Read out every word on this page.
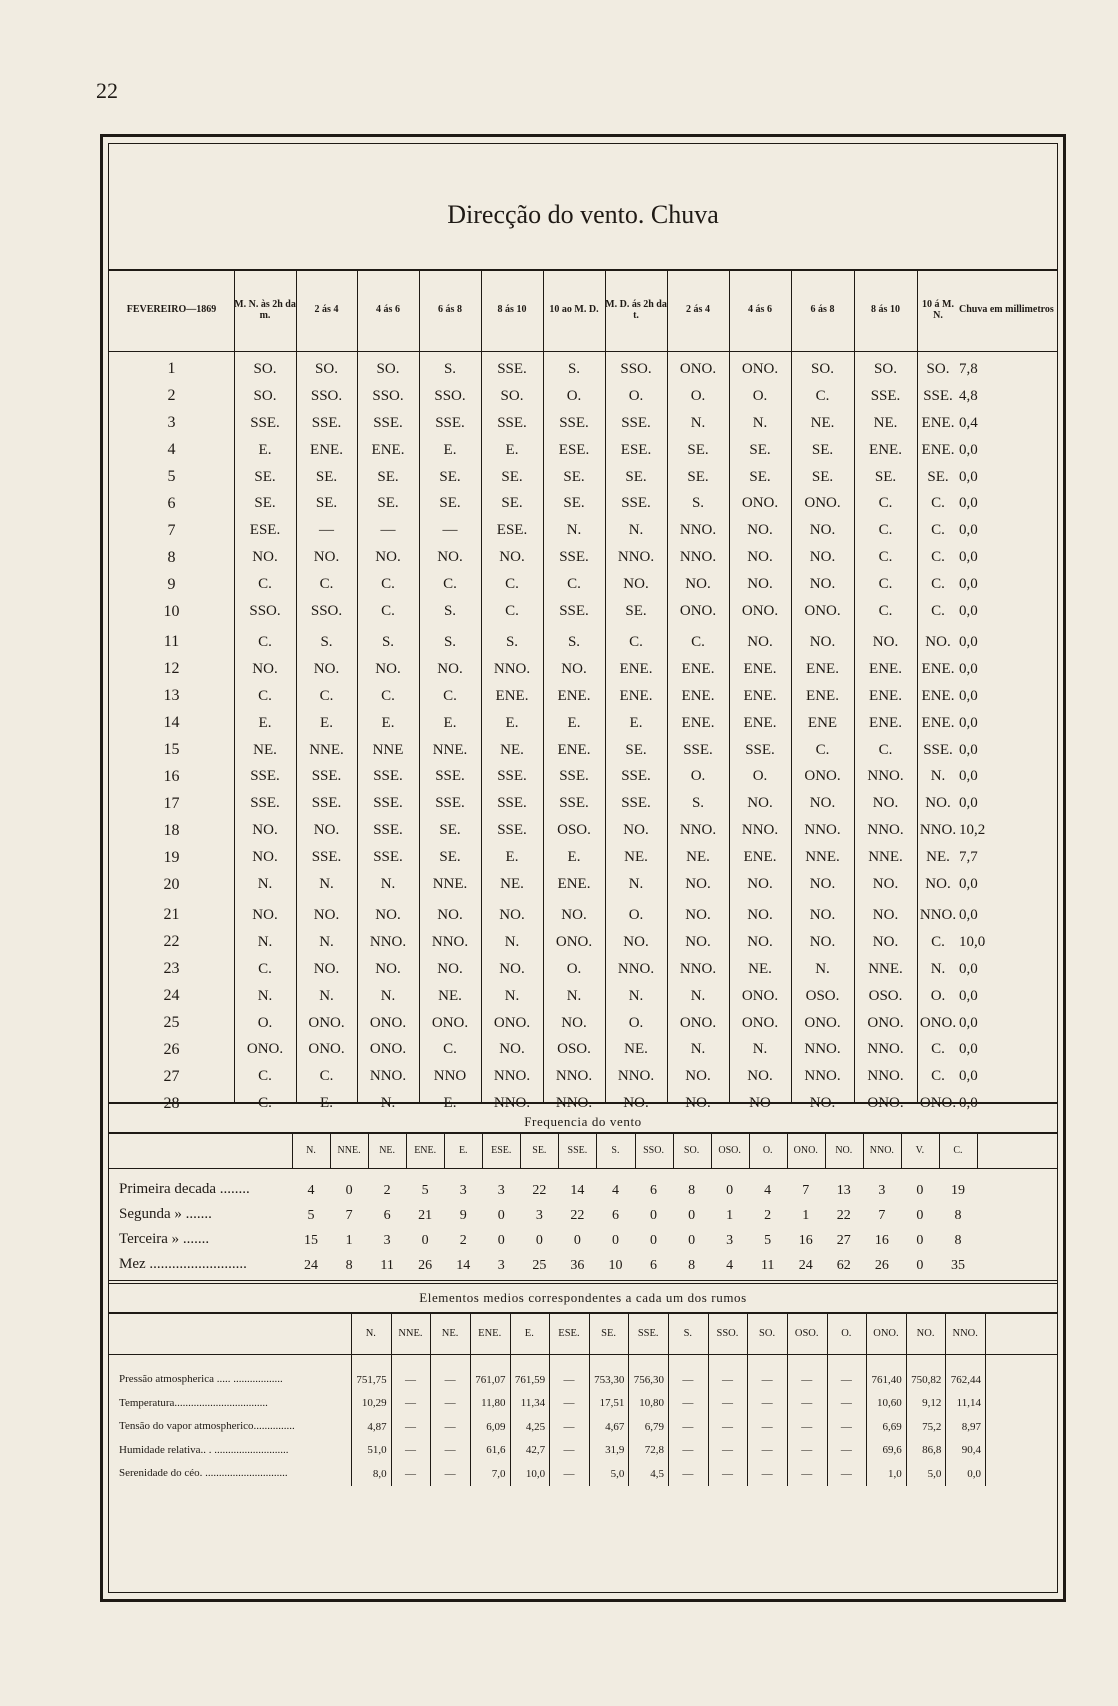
22
Direcção do vento. Chuva
FEVEREIRO — 1869
M. N. às 2h da m.
2 ás 4	4 ás 6	6 ás 8	8 ás 10	10 ao M. D.
M. D. ás 2h da t.
2 ás 4	4 ás 6	6 ás 8	8 ás 10
10 á M. N.
Chuva em millimetros
1	SO.	SO.	SO.	S.	SSE.	S.	SSO.	ONO.	ONO.	SO.	SO.	SO. 7,8
2	SO.	SSO.	SSO.	SSO.	SO.	O.	O.	O.	O.	C.	SSE.	SSE. 4,8
3	SSE.	SSE.	SSE.	SSE.	SSE.	SSE.	SSE.	N.	N.	NE.	NE.	ENE. 0,4
4	E.	ENE.	ENE.	E.	E.	ESE.	ESE.	SE.	SE.	SE.	ENE.	ENE. 0,0
5	SE.	SE.	SE.	SE.	SE.	SE.	SE.	SE.	SE.	SE.	SE.	SE. 0,0
6	SE.	SE.	SE.	SE.	SE.	SE.	SSE.	S.	ONO.	ONO.	C.	C. 0,0
7	ESE.	—	—	—	ESE.	N.	N.	NNO.	NO.	NO.	C.	C. 0,0
8	NO.	NO.	NO.	NO.	NO.	SSE.	NNO.	NNO.	NO.	NO.	C.	C. 0,0
9	C.	C.	C.	C.	C.	C.	NO.	NO.	NO.	NO.	C.	C. 0,0
10	SSO.	SSO.	C.	S.	C.	SSE.	SE.	ONO.	ONO.	ONO.	C.	C. 0,0
11	C.	S.	S.	S.	S.	S.	C.	C.	NO.	NO.	NO.	NO. 0,0
12	NO.	NO.	NO.	NO.	NNO.	NO.	ENE.	ENE.	ENE.	ENE.	ENE.	ENE. 0,0
13	C.	C.	C.	C.	ENE.	ENE.	ENE.	ENE.	ENE.	ENE.	ENE.	ENE. 0,0
14	E.	E.	E.	E.	E.	E.	E.	ENE.	ENE.	ENE	ENE.	ENE. 0,0
15	NE.	NNE.	NNE	NNE.	NE.	ENE.	SE.	SSE.	SSE.	C.	C.	SSE. 0,0
16	SSE.	SSE.	SSE.	SSE.	SSE.	SSE.	SSE.	O.	O.	ONO.	NNO.	N. 0,0
17	SSE.	SSE.	SSE.	SSE.	SSE.	SSE.	SSE.	S.	NO.	NO.	NO.	NO. 0,0
18	NO.	NO.	SSE.	SE.	SSE.	OSO.	NO.	NNO.	NNO.	NNO.	NNO.	NNO. 10,2
19	NO.	SSE.	SSE.	SE.	E.	E.	NE.	NE.	ENE.	NNE.	NNE.	NE. 7,7
20	N.	N.	N.	NNE.	NE.	ENE.	N.	NO.	NO.	NO.	NO.	NO. 0,0
21	NO.	NO.	NO.	NO.	NO.	NO.	O.	NO.	NO.	NO.	NO.	NNO. 0,0
22	N.	N.	NNO.	NNO.	N.	ONO.	NO.	NO.	NO.	NO.	NO.	C. 10,0
23	C.	NO.	NO.	NO.	NO.	O.	NNO.	NNO.	NE.	N.	NNE.	N. 0,0
24	N.	N.	N.	NE.	N.	N.	N.	N.	ONO.	OSO.	OSO.	O. 0,0
25	O.	ONO.	ONO.	ONO.	ONO.	NO.	O.	ONO.	ONO.	ONO.	ONO.	ONO. 0,0
26	ONO.	ONO.	ONO.	C.	NO.	OSO.	NE.	N.	N.	NNO.	NNO.	C. 0,0
27	C.	C.	NNO.	NNO	NNO.	NNO.	NNO.	NO.	NO.	NNO.	NNO.	C. 0,0
28	C.	E.	N.	E.	NNO.	NNO.	NO.	NO.	NO	NO.	ONO.	ONO. 0,0
Frequencia do vento
N.	NNE.	NE.	ENE.	E.	ESE.	SE.	SSE.	S.	SSO.	SO.	OSO.	O.	ONO.	NO.	NNO.	V.	C.
Primeira decada ........	4	0	2	5	3	3	22	14	4	6	8	0	4	7	13	3	0	19
Segunda » .......	5	7	6	21	9	0	3	22	6	0	0	1	2	1	22	7	0	8
Terceira » .......	15	1	3	0	2	0	0	0	0	0	0	3	5	16	27	16	0	8
Mez ..........................	24	8	11	26	14	3	25	36	10	6	8	4	11	24	62	26	0	35
Elementos medios correspondentes a cada um dos rumos
N.	NNE.	NE.	ENE.	E.	ESE.	SE.	SSE.	S.	SSO.	SO.	OSO.	O.	ONO.	NO.	NNO.
Pressão atmospherica ..... ..................	751,75	—	—	761,07 761,59	—	753,30 756,30	—	—	—	—	—	761,40 750,82 762,44
Temperatura..................................	10,29	—	—	11,80	11,34	—	17,51	10,80	—	—	—	—	—	10,60	9,12	11,14
Tensão do vapor atmospherico...............	4,87	—	—	6,09	4,25	—	4,67	6,79	—	—	—	—	—	6,69	75,2	8,97
Humidade relativa.. . ...........................	51,0	—	—	61,6	42,7	—	31,9	72,8	—	—	—	—	—	69,6	86,8	90,4
Serenidade do céo. ..............................	8,0	—	—	7,0	10,0	—	5,0	4,5	—	—	—	—	—	1,0	5,0	0,0
